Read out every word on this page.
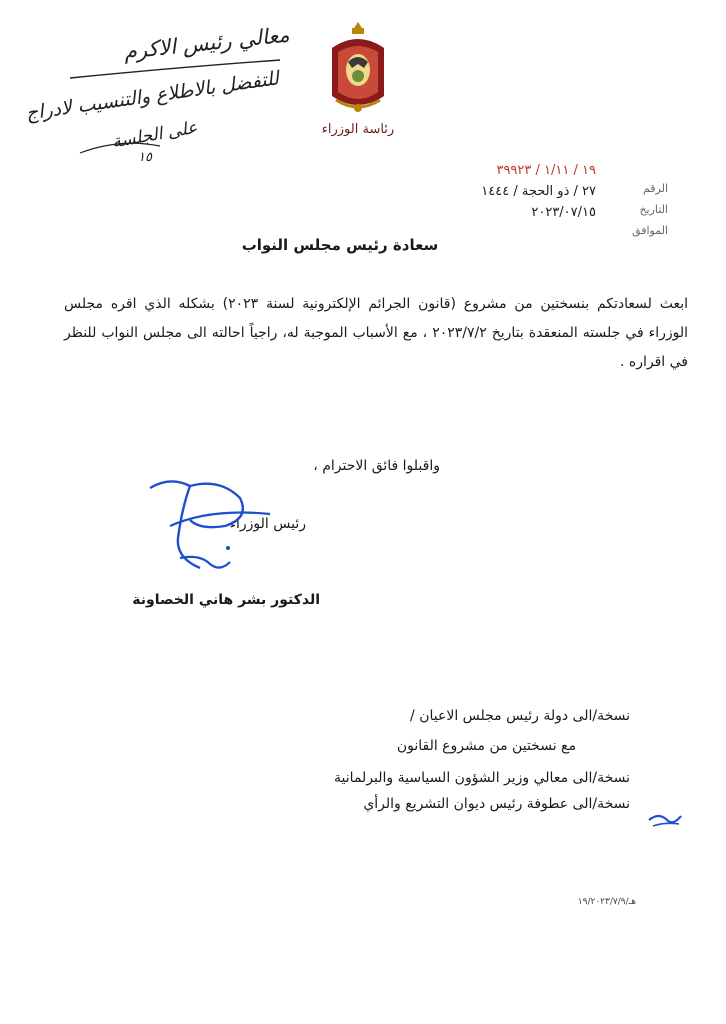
رئاسة الوزراء
معالي رئيس الاكرم
للتفضل بالاطلاع والتنسيب لادراج
على الجلسة
١٥
الرقم
التاريخ
الموافق
١٩ / ١/١١ / ٣٩٩٢٣
٢٧ / ذو الحجة / ١٤٤٤
٢٠٢٣/٠٧/١٥
سعادة رئيس مجلس النواب
ابعث لسعادتكم بنسختين من مشروع (قانون الجرائم الإلكترونية لسنة ٢٠٢٣) بشكله الذي اقره مجلس الوزراء في جلسته المنعقدة بتاريخ ٢٠٢٣/٧/٢ ، مع الأسباب الموجبة له، راجياً احالته الى مجلس النواب للنظر في اقراره .
واقبلوا فائق الاحترام ،
رئيس الوزراء
الدكتور بشر هاني الخصاونة
نسخة/الى دولة رئيس مجلس الاعيان /
مع نسختين من مشروع القانون
نسخة/الى معالي وزير الشؤون السياسية والبرلمانية
نسخة/الى عطوفة رئيس ديوان التشريع والرأي
هـ/١٩/٢٠٢٣/٧/٩
